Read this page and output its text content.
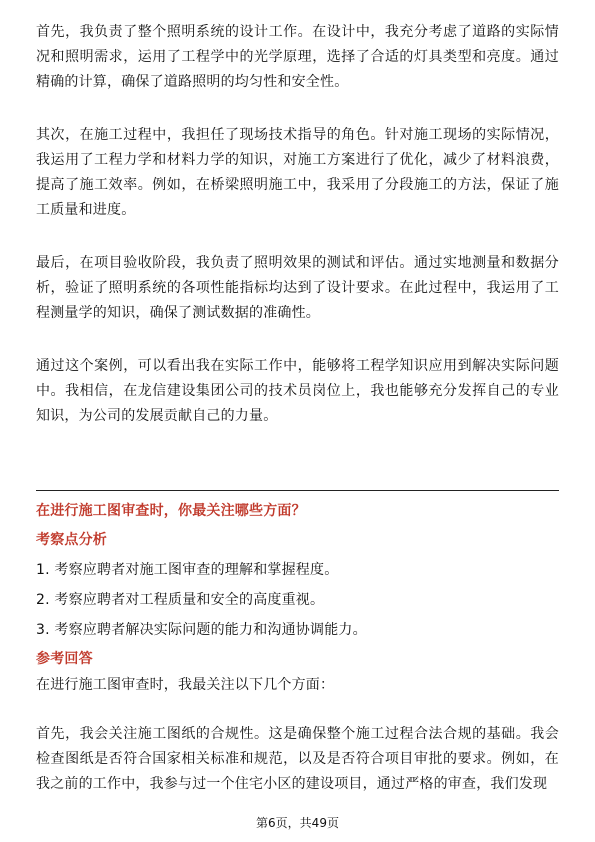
首先，我负责了整个照明系统的设计工作。在设计中，我充分考虑了道路的实际情况和照明需求，运用了工程学中的光学原理，选择了合适的灯具类型和亮度。通过精确的计算，确保了道路照明的均匀性和安全性。

其次，在施工过程中，我担任了现场技术指导的角色。针对施工现场的实际情况，我运用了工程力学和材料力学的知识，对施工方案进行了优化，减少了材料浪费，提高了施工效率。例如，在桥梁照明施工中，我采用了分段施工的方法，保证了施工质量和进度。

最后，在项目验收阶段，我负责了照明效果的测试和评估。通过实地测量和数据分析，验证了照明系统的各项性能指标均达到了设计要求。在此过程中，我运用了工程测量学的知识，确保了测试数据的准确性。

通过这个案例，可以看出我在实际工作中，能够将工程学知识应用到解决实际问题中。我相信，在龙信建设集团公司的技术员岗位上，我也能够充分发挥自己的专业知识，为公司的发展贡献自己的力量。

在进行施工图审查时，你最关注哪些方面？
考察点分析
1. 考察应聘者对施工图审查的理解和掌握程度。
2. 考察应聘者对工程质量和安全的高度重视。
3. 考察应聘者解决实际问题的能力和沟通协调能力。
参考回答
在进行施工图审查时，我最关注以下几个方面：
首先，我会关注施工图纸的合规性。这是确保整个施工过程合法合规的基础。我会检查图纸是否符合国家相关标准和规范，以及是否符合项目审批的要求。例如，在我之前的工作中，我参与过一个住宅小区的建设项目，通过严格的审查，我们发现
第6页，共49页
